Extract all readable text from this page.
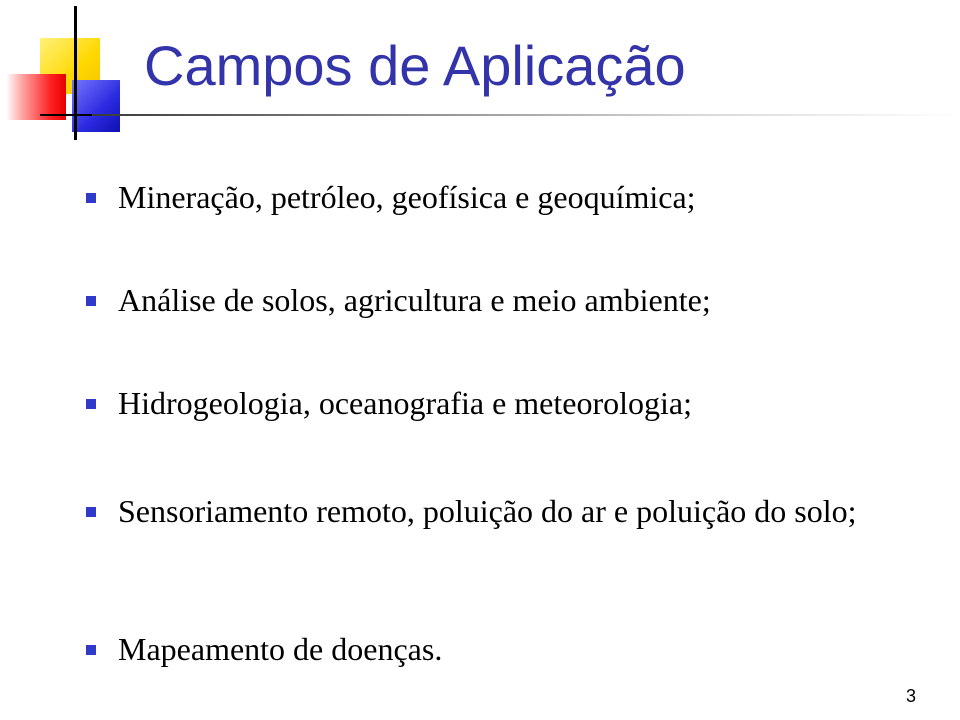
Campos de Aplicação
Mineração, petróleo, geofísica e geoquímica;
Análise de solos, agricultura e meio ambiente;
Hidrogeologia, oceanografia e meteorologia;
Sensoriamento remoto, poluição do ar e poluição do solo;
Mapeamento de doenças.
3
